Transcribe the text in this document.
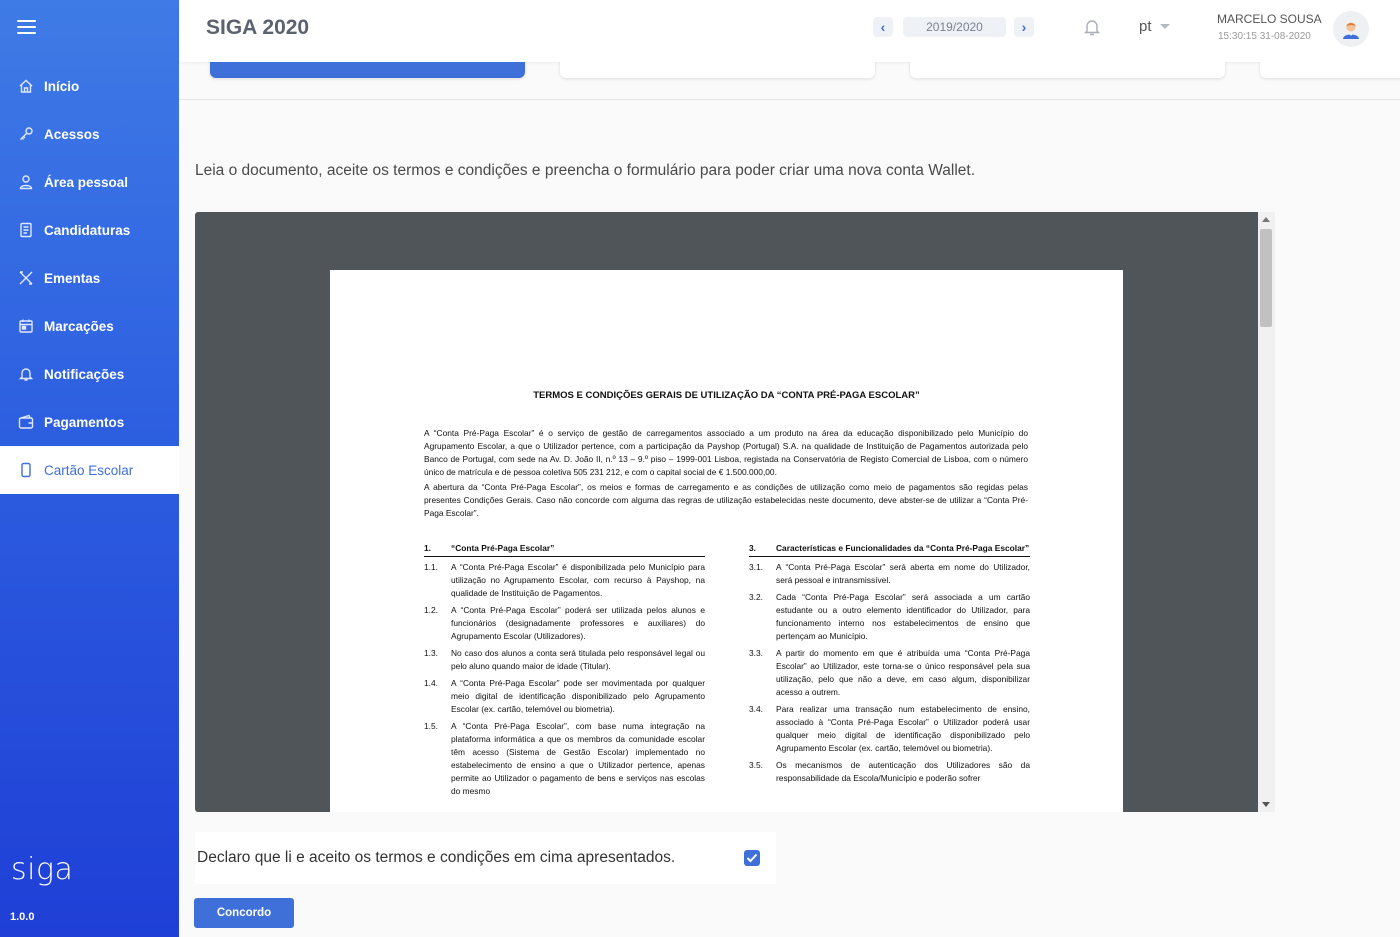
Início
Acessos
Área pessoal
Candidaturas
Ementas
Marcações
Notificações
Pagamentos
Cartão Escolar
siga
1.0.0
SIGA 2020	‹	2019/2020	›	pt	MARCELO SOUSA
15:30:15 31-08-2020
Leia o documento, aceite os termos e condições e preencha o formulário para poder criar uma nova conta Wallet.
TERMOS E CONDIÇÕES GERAIS DE UTILIZAÇÃO DA “CONTA PRÉ-PAGA ESCOLAR”
A “Conta Pré-Paga Escolar” é o serviço de gestão de carregamentos associado a um produto na área da educação disponibilizado pelo Município do Agrupamento Escolar, a que o Utilizador pertence, com a participação da Payshop (Portugal) S.A. na qualidade de Instituição de Pagamentos autorizada pelo Banco de Portugal, com sede na Av. D. João II, n.º 13 – 9.º piso – 1999-001 Lisboa, registada na Conservatória de Registo Comercial de Lisboa, com o número único de matrícula e de pessoa coletiva 505 231 212, e com o capital social de € 1.500.000,00.
A abertura da “Conta Pré-Paga Escolar”, os meios e formas de carregamento e as condições de utilização como meio de pagamentos são regidas pelas presentes Condições Gerais. Caso não concorde com alguma das regras de utilização estabelecidas neste documento, deve abster-se de utilizar a “Conta Pré-Paga Escolar”.
1.	“Conta Pré-Paga Escolar”
1.1.	A “Conta Pré-Paga Escolar” é disponibilizada pelo Município para utilização no Agrupamento Escolar, com recurso à Payshop, na qualidade de Instituição de Pagamentos.
1.2.	A “Conta Pré-Paga Escolar” poderá ser utilizada pelos alunos e funcionários (designadamente professores e auxiliares) do Agrupamento Escolar (Utilizadores).
1.3.	No caso dos alunos a conta será titulada pelo responsável legal ou pelo aluno quando maior de idade (Titular).
1.4.	A “Conta Pré-Paga Escolar” pode ser movimentada por qualquer meio digital de identificação disponibilizado pelo Agrupamento Escolar (ex. cartão, telemóvel ou biometria).
1.5.	A “Conta Pré-Paga Escolar”, com base numa integração na plataforma informática a que os membros da comunidade escolar têm acesso (Sistema de Gestão Escolar) implementado no estabelecimento de ensino a que o Utilizador pertence, apenas permite ao Utilizador o pagamento de bens e serviços nas escolas do mesmo
3.	Características e Funcionalidades da “Conta Pré-Paga Escolar”
3.1.	A “Conta Pré-Paga Escolar” será aberta em nome do Utilizador, será pessoal e intransmissível.
3.2.	Cada “Conta Pré-Paga Escolar” será associada a um cartão estudante ou a outro elemento identificador do Utilizador, para funcionamento interno nos estabelecimentos de ensino que pertençam ao Município.
3.3.	A partir do momento em que é atribuída uma “Conta Pré-Paga Escolar” ao Utilizador, este torna-se o único responsável pela sua utilização, pelo que não a deve, em caso algum, disponibilizar acesso a outrem.
3.4.	Para realizar uma transação num estabelecimento de ensino, associado à “Conta Pré-Paga Escolar” o Utilizador poderá usar qualquer meio digital de identificação disponibilizado pelo Agrupamento Escolar (ex. cartão, telemóvel ou biometria).
3.5.	Os mecanismos de autenticação dos Utilizadores são da responsabilidade da Escola/Município e poderão sofrer
Declaro que li e aceito os termos e condições em cima apresentados.
Concordo
